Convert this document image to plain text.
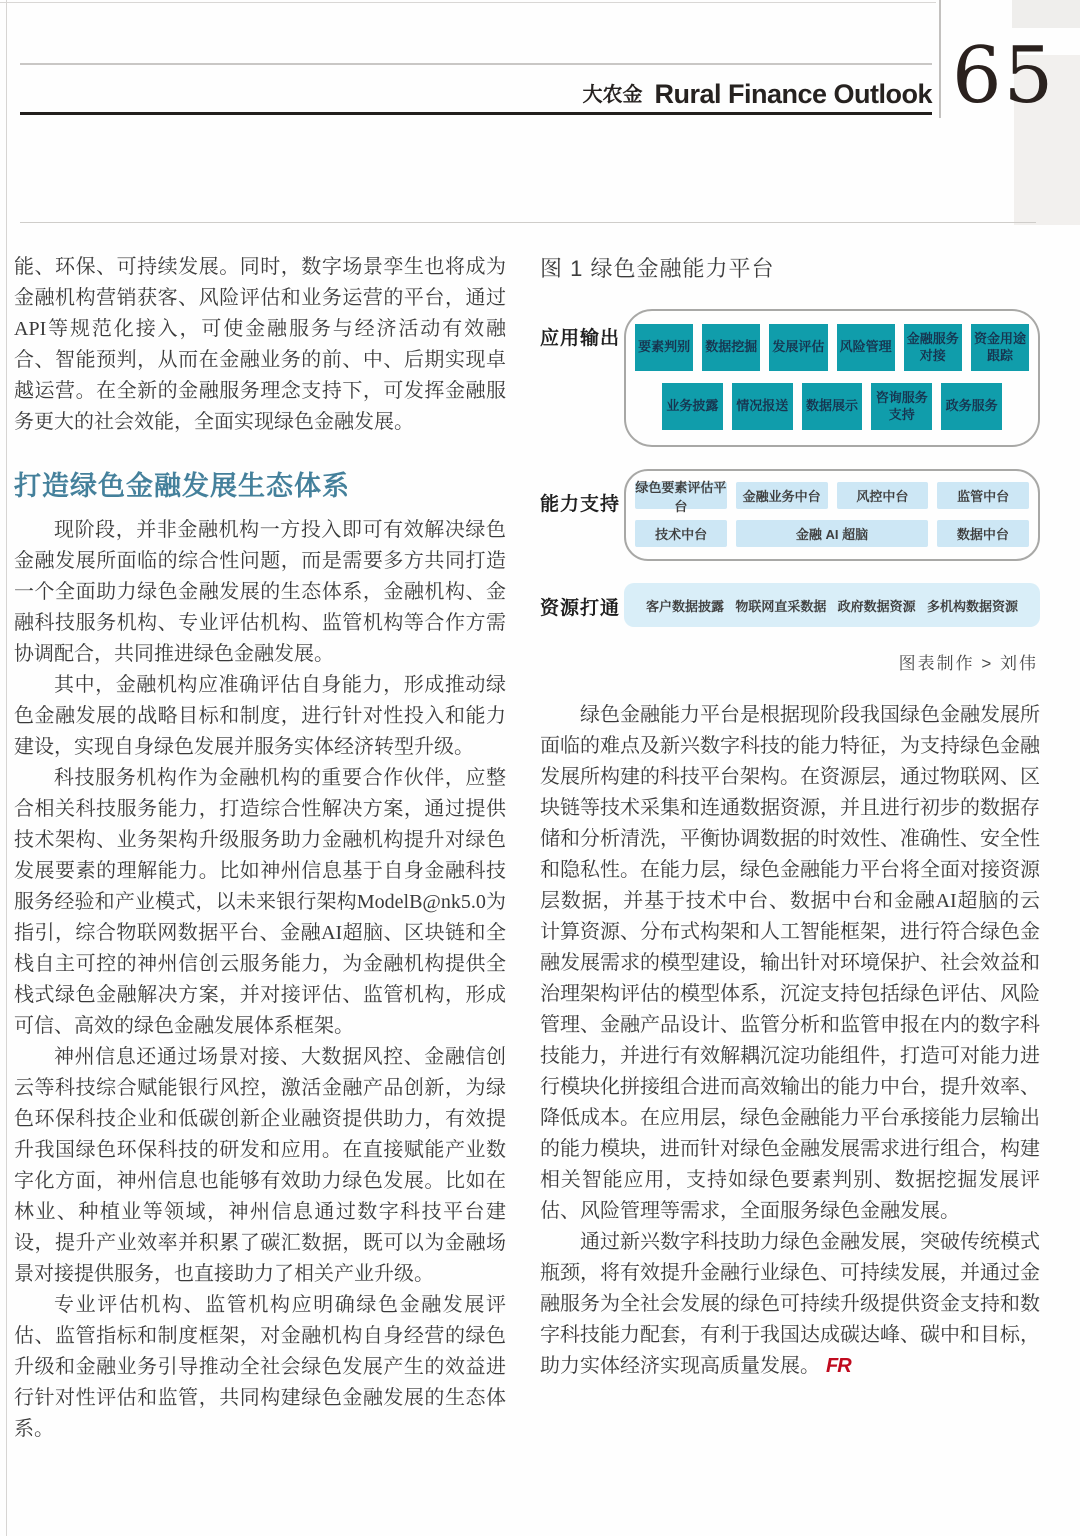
大农金 Rural Finance Outlook 65

能、环保、可持续发展。同时，数字场景孪生也将成为金融机构营销获客、风险评估和业务运营的平台，通过API等规范化接入，可使金融服务与经济活动有效融合、智能预判，从而在金融业务的前、中、后期实现卓越运营。在全新的金融服务理念支持下，可发挥金融服务更大的社会效能，全面实现绿色金融发展。

打造绿色金融发展生态体系

现阶段，并非金融机构一方投入即可有效解决绿色金融发展所面临的综合性问题，而是需要多方共同打造一个全面助力绿色金融发展的生态体系，金融机构、金融科技服务机构、专业评估机构、监管机构等合作方需协调配合，共同推进绿色金融发展。

其中，金融机构应准确评估自身能力，形成推动绿色金融发展的战略目标和制度，进行针对性投入和能力建设，实现自身绿色发展并服务实体经济转型升级。

科技服务机构作为金融机构的重要合作伙伴，应整合相关科技服务能力，打造综合性解决方案，通过提供技术架构、业务架构升级服务助力金融机构提升对绿色发展要素的理解能力。比如神州信息基于自身金融科技服务经验和产业模式，以未来银行架构ModelB@nk5.0为指引，综合物联网数据平台、金融AI超脑、区块链和全栈自主可控的神州信创云服务能力，为金融机构提供全栈式绿色金融解决方案，并对接评估、监管机构，形成可信、高效的绿色金融发展体系框架。

神州信息还通过场景对接、大数据风控、金融信创云等科技综合赋能银行风控，激活金融产品创新，为绿色环保科技企业和低碳创新企业融资提供助力，有效提升我国绿色环保科技的研发和应用。在直接赋能产业数字化方面，神州信息也能够有效助力绿色发展。比如在林业、种植业等领域，神州信息通过数字科技平台建设，提升产业效率并积累了碳汇数据，既可以为金融场景对接提供服务，也直接助力了相关产业升级。

专业评估机构、监管机构应明确绿色金融发展评估、监管指标和制度框架，对金融机构自身经营的绿色升级和金融业务引导推动全社会绿色发展产生的效益进行针对性评估和监管，共同构建绿色金融发展的生态体系。

图 1 绿色金融能力平台
应用输出	要素判别 数据挖掘 发展评估 风险管理
金融服务对接
资金用途跟踪
业务披露	情况报送	数据展示
咨询服务支持
政务服务
能力支持
绿色要素评估平台
金融业务中台	风控中台	监管中台
技术中台	金融 AI 超脑	数据中台
资源打通	客户数据披露 物联网直采数据 政府数据资源 多机构数据资源
图表制作 > 刘伟

绿色金融能力平台是根据现阶段我国绿色金融发展所面临的难点及新兴数字科技的能力特征，为支持绿色金融发展所构建的科技平台架构。在资源层，通过物联网、区块链等技术采集和连通数据资源，并且进行初步的数据存储和分析清洗，平衡协调数据的时效性、准确性、安全性和隐私性。在能力层，绿色金融能力平台将全面对接资源层数据，并基于技术中台、数据中台和金融AI超脑的云计算资源、分布式构架和人工智能框架，进行符合绿色金融发展需求的模型建设，输出针对环境保护、社会效益和治理架构评估的模型体系，沉淀支持包括绿色评估、风险管理、金融产品设计、监管分析和监管申报在内的数字科技能力，并进行有效解耦沉淀功能组件，打造可对能力进行模块化拼接组合进而高效输出的能力中台，提升效率、降低成本。在应用层，绿色金融能力平台承接能力层输出的能力模块，进而针对绿色金融发展需求进行组合，构建相关智能应用，支持如绿色要素判别、数据挖掘发展评估、风险管理等需求，全面服务绿色金融发展。

通过新兴数字科技助力绿色金融发展，突破传统模式瓶颈，将有效提升金融行业绿色、可持续发展，并通过金融服务为全社会发展的绿色可持续升级提供资金支持和数字科技能力配套，有利于我国达成碳达峰、碳中和目标，助力实体经济实现高质量发展。 FR
